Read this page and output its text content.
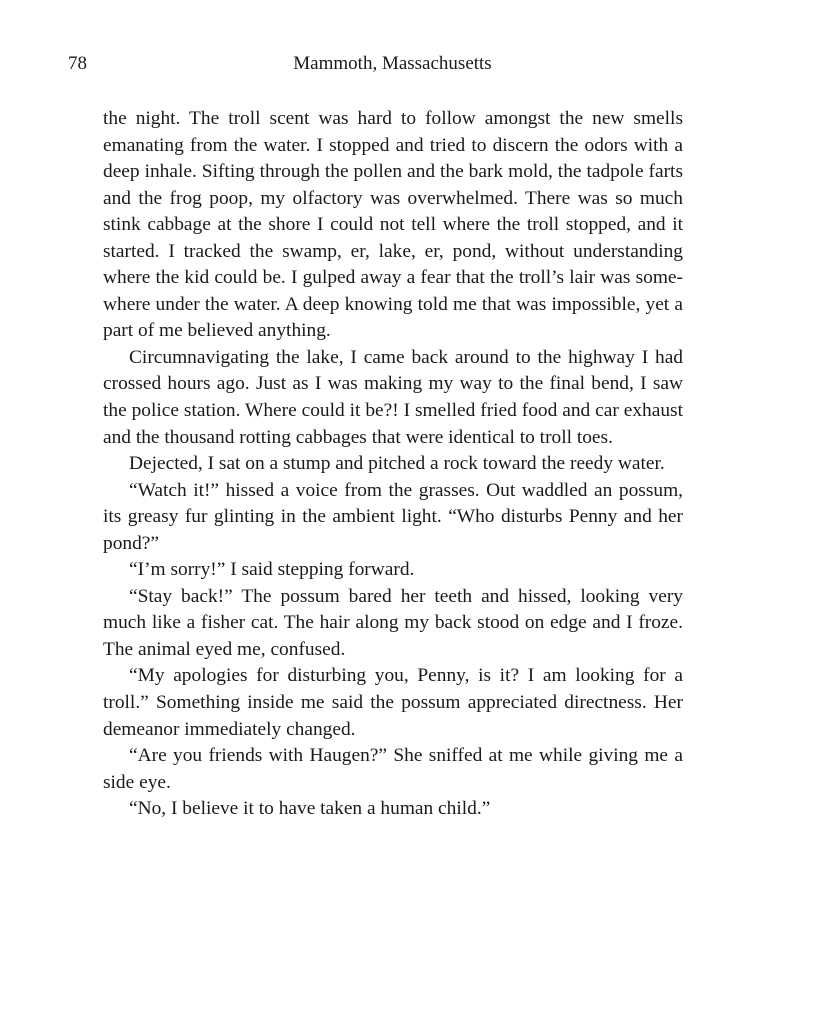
78	Mammoth, Massachusetts

the night. The troll scent was hard to follow amongst the new smells emanating from the water. I stopped and tried to discern the odors with a deep inhale. Sifting through the pollen and the bark mold, the tadpole farts and the frog poop, my olfactory was overwhelmed. There was so much stink cabbage at the shore I could not tell where the troll stopped, and it started. I tracked the swamp, er, lake, er, pond, without understanding where the kid could be. I gulped away a fear that the troll’s lair was somewhere under the water. A deep knowing told me that was impossible, yet a part of me believed anything.

Circumnavigating the lake, I came back around to the highway I had crossed hours ago. Just as I was making my way to the final bend, I saw the police station. Where could it be?! I smelled fried food and car exhaust and the thousand rotting cabbages that were identical to troll toes.

Dejected, I sat on a stump and pitched a rock toward the reedy water.

“Watch it!” hissed a voice from the grasses. Out waddled an possum, its greasy fur glinting in the ambient light. “Who disturbs Penny and her pond?”

“I’m sorry!” I said stepping forward.

“Stay back!” The possum bared her teeth and hissed, looking very much like a fisher cat. The hair along my back stood on edge and I froze. The animal eyed me, confused.

“My apologies for disturbing you, Penny, is it? I am looking for a troll.” Something inside me said the possum appreciated directness. Her demeanor immediately changed.

“Are you friends with Haugen?” She sniffed at me while giving me a side eye.

“No, I believe it to have taken a human child.”
